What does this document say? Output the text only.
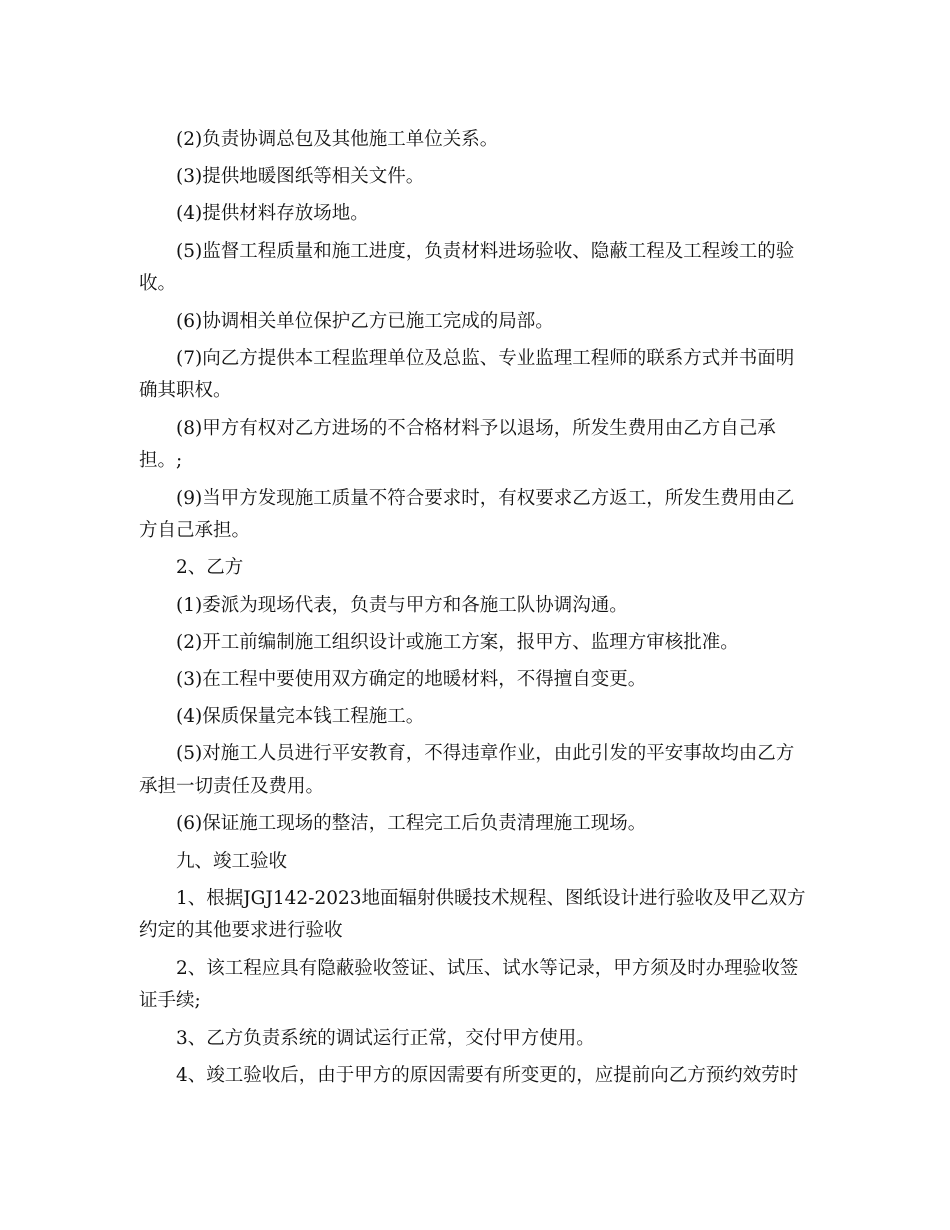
(2)负责协调总包及其他施工单位关系。

(3)提供地暖图纸等相关文件。

(4)提供材料存放场地。

(5)监督工程质量和施工进度，负责材料进场验收、隐蔽工程及工程竣工的验收。

(6)协调相关单位保护乙方已施工完成的局部。

(7)向乙方提供本工程监理单位及总监、专业监理工程师的联系方式并书面明确其职权。

(8)甲方有权对乙方进场的不合格材料予以退场，所发生费用由乙方自己承担。;

(9)当甲方发现施工质量不符合要求时，有权要求乙方返工，所发生费用由乙方自己承担。

2、乙方

(1)委派为现场代表，负责与甲方和各施工队协调沟通。

(2)开工前编制施工组织设计或施工方案，报甲方、监理方审核批准。

(3)在工程中要使用双方确定的地暖材料，不得擅自变更。

(4)保质保量完本钱工程施工。

(5)对施工人员进行平安教育，不得违章作业，由此引发的平安事故均由乙方承担一切责任及费用。

(6)保证施工现场的整洁，工程完工后负责清理施工现场。

九、竣工验收

1、根据JGJ142-2023地面辐射供暖技术规程、图纸设计进行验收及甲乙双方约定的其他要求进行验收

2、该工程应具有隐蔽验收签证、试压、试水等记录，甲方须及时办理验收签证手续;

3、乙方负责系统的调试运行正常，交付甲方使用。

4、竣工验收后，由于甲方的原因需要有所变更的，应提前向乙方预约效劳时
